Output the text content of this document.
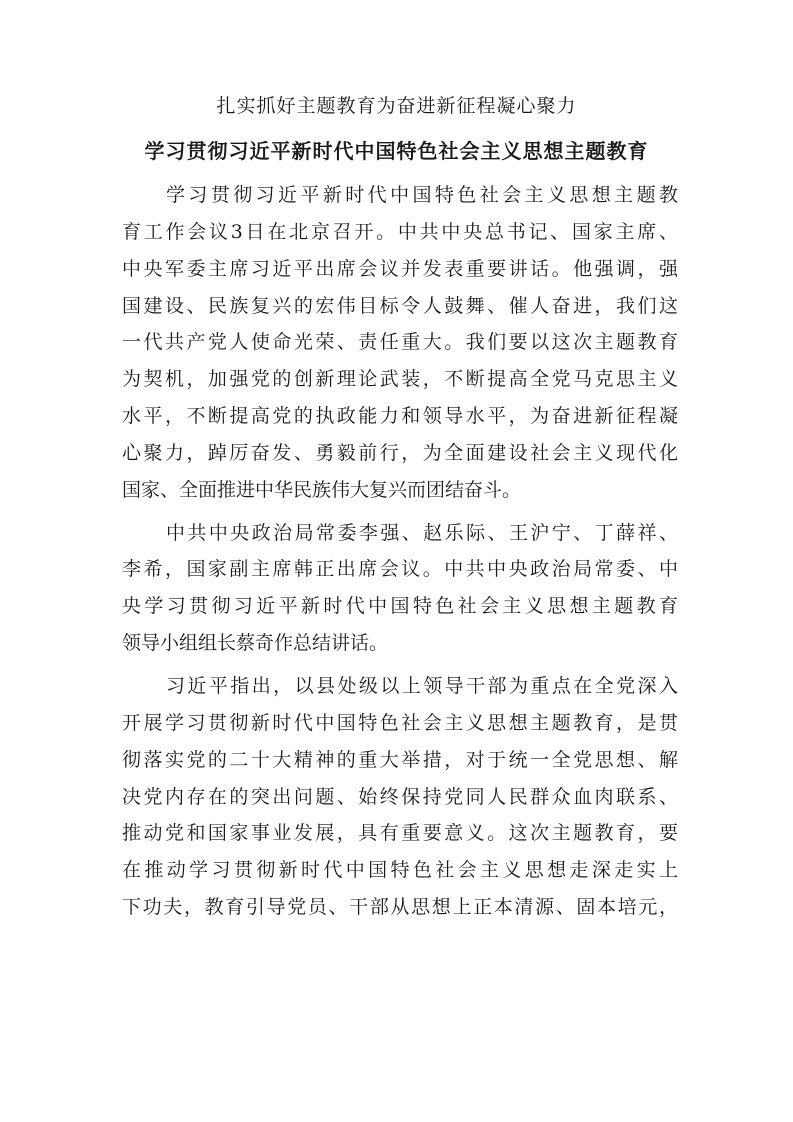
扎实抓好主题教育为奋进新征程凝心聚力
学习贯彻习近平新时代中国特色社会主义思想主题教育
学习贯彻习近平新时代中国特色社会主义思想主题教
育工作会议3日在北京召开。中共中央总书记、国家主席、
中央军委主席习近平出席会议并发表重要讲话。他强调，强
国建设、民族复兴的宏伟目标令人鼓舞、催人奋进，我们这
一代共产党人使命光荣、责任重大。我们要以这次主题教育
为契机，加强党的创新理论武装，不断提高全党马克思主义
水平，不断提高党的执政能力和领导水平，为奋进新征程凝
心聚力，踔厉奋发、勇毅前行，为全面建设社会主义现代化
国家、全面推进中华民族伟大复兴而团结奋斗。
中共中央政治局常委李强、赵乐际、王沪宁、丁薛祥、
李希，国家副主席韩正出席会议。中共中央政治局常委、中
央学习贯彻习近平新时代中国特色社会主义思想主题教育
领导小组组长蔡奇作总结讲话。
习近平指出，以县处级以上领导干部为重点在全党深入
开展学习贯彻新时代中国特色社会主义思想主题教育，是贯
彻落实党的二十大精神的重大举措，对于统一全党思想、解
决党内存在的突出问题、始终保持党同人民群众血肉联系、
推动党和国家事业发展，具有重要意义。这次主题教育，要
在推动学习贯彻新时代中国特色社会主义思想走深走实上
下功夫，教育引导党员、干部从思想上正本清源、固本培元，
